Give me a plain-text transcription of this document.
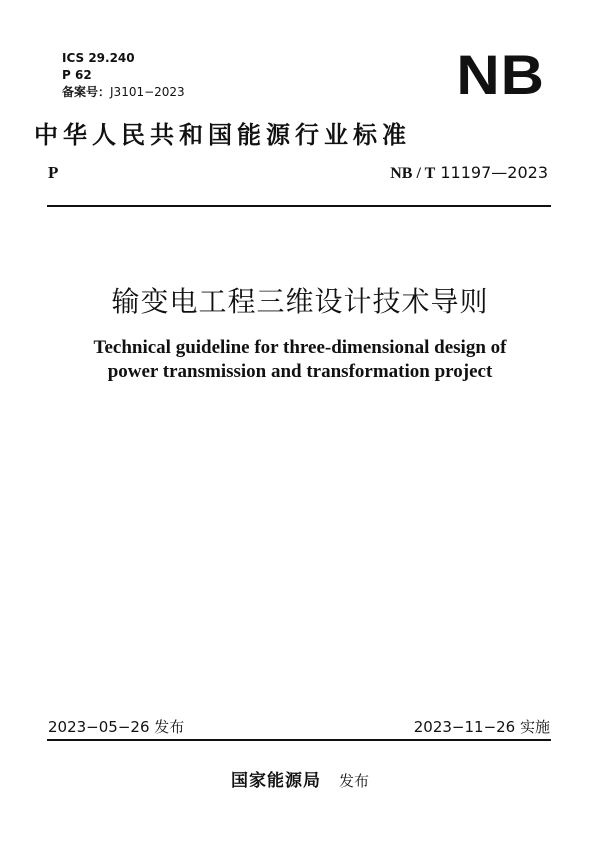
ICS 29.240
P 62
备案号：J3101−2023	NB
中华人民共和国能源行业标准
P	NB / T 11197—2023
输变电工程三维设计技术导则
Technical guideline for three-dimensional design of
power transmission and transformation project
2023−05−26 发布	2023−11−26 实施
国家能源局 发布
